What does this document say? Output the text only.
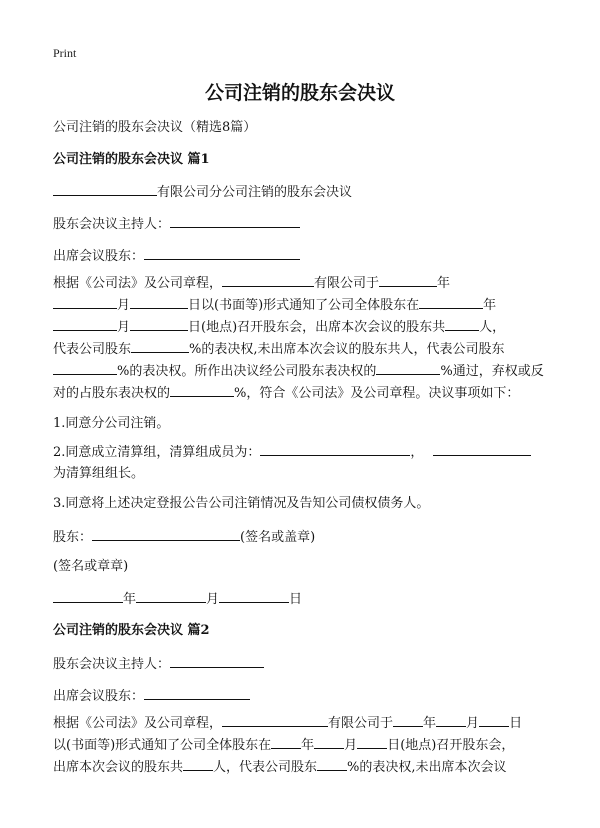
Print
公司注销的股东会决议
公司注销的股东会决议（精选8篇）
公司注销的股东会决议 篇1
有限公司分公司注销的股东会决议
股东会决议主持人：
出席会议股东：
根据《公司法》及公司章程，	有限公司于	年
月	日以(书面等)形式通知了公司全体股东在	年
月	日(地点)召开股东会，出席本次会议的股东共	人，
代表公司股东	%的表决权,未出席本次会议的股东共人，代表公司股东
%的表决权。所作出决议经公司股东表决权的	%通过，弃权或反对的占股东表决权的	%，符合《公司法》及公司章程。决议事项如下：
1.同意分公司注销。
2.同意成立清算组，清算组成员为：	，
为清算组组长。
3.同意将上述决定登报公告公司注销情况及告知公司债权债务人。
股东：	(签名或盖章)
(签名或章章)
年	月	日
公司注销的股东会决议 篇2
股东会决议主持人：
出席会议股东：
根据《公司法》及公司章程，	有限公司于 年 月 日
以(书面等)形式通知了公司全体股东在 年 月 日(地点)召开股东会，
出席本次会议的股东共 人，代表公司股东 %的表决权,未出席本次会议
